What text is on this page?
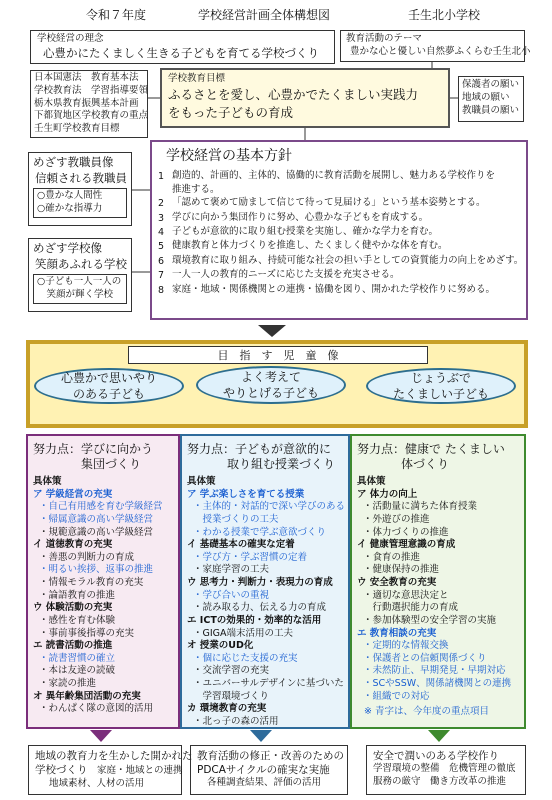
令和７年度	学校経営計画全体構想図	壬生北小学校
学校経営の理念
心豊かにたくましく生きる子どもを育てる学校づくり
教育活動のテーマ
豊かな心と優しい自然夢ふくらむ壬生北小
日本国憲法　教育基本法
学校教育法　学習指導要領
栃木県教育振興基本計画
下都賀地区学校教育の重点
壬生町学校教育目標
学校教育目標
ふるさとを愛し、心豊かでたくましい実践力
をもった子どもの育成
保護者の願い
地域の願い
教職員の願い
めざす教職員像
信頼される教職員
○豊かな人間性
○確かな指導力
めざす学校像
笑顔あふれる学校
○子ども一人一人の
　笑顔が輝く学校
学校経営の基本方針
1 創造的、計画的、主体的、協働的に教育活動を展開し、魅力ある学校作りを
推進する。
2 「認めて褒めて励まして信じて待って見届ける」という基本姿勢とする。
3 学びに向かう集団作りに努め、心豊かな子どもを育成する。
4 子どもが意欲的に取り組む授業を実施し、確かな学力を育む。
5 健康教育と体力づくりを推進し、たくましく健やかな体を育む。
6 環境教育に取り組み、持続可能な社会の担い手としての資質能力の向上をめざす。
7 一人一人の教育的ニーズに応じた支援を充実させる。
8 家庭・地域・関係機関との連携・協働を図り、開かれた学校作りに努める。
目　指　す　児　童　像
心豊かで思いやり
のある子ども
よく考えて
やりとげる子ども
じょうぶで
たくましい子ども
努力点：学びに向かう
集団づくり
具体策
ア 学級経営の充実
・自己有用感を育む学級経営
・帰属意識の高い学級経営
・規範意識の高い学級経営
イ 道徳教育の充実
・善悪の判断力の育成
・明るい挨拶、返事の推進
・情報モラル教育の充実
・論語教育の推進
ウ 体験活動の充実
・感性を育む体験
・事前事後指導の充実
エ 読書活動の推進
・読書習慣の確立
・本は友達の読破
・家読の推進
オ 異年齢集団活動の充実
・わんぱく隊の意図的活用
努力点：子どもが意欲的に
取り組む授業づくり
具体策
ア 学ぶ楽しさを育てる授業
・主体的・対話的で深い学びのある
　授業づくりの工夫
・わかる授業で学ぶ意欲づくり
イ 基礎基本の確実な定着
・学び方・学ぶ習慣の定着
・家庭学習の工夫
ウ 思考力・判断力・表現力の育成
・学び合いの重視
・読み取る力、伝える力の育成
エ ICTの効果的・効率的な活用
・GIGA端末活用の工夫
オ 授業のUD化
・個に応じた支援の充実
・交流学習の充実
・ユニバーサルデザインに基づいた
　学習環境づくり
カ 環境教育の充実
・北っ子の森の活用
努力点：健康で たくましい
体づくり
具体策
ア 体力の向上
・活動量に満ちた体育授業
・外遊びの推進
・体力づくりの推進
イ 健康管理意識の育成
・食育の推進
・健康保持の推進
ウ 安全教育の充実
・適切な意思決定と
　行動選択能力の育成
・参加体験型の安全学習の実施
エ 教育相談の充実
・定期的な情報交換
・保護者との信頼関係づくり
・未然防止、早期発見・早期対応
・SCやSSW、関係諸機関との連携
・組織での対応
※ 青字は、今年度の重点項目
地域の教育力を生かした開かれた
学校づくり　 家庭・地域との連携
地域素材、人材の活用
教育活動の修正・改善のための
PDCAサイクルの確実な実施
各種調査結果、評価の活用
安全で潤いのある学校作り
学習環境の整備　危機管理の徹底
服務の厳守　働き方改革の推進
